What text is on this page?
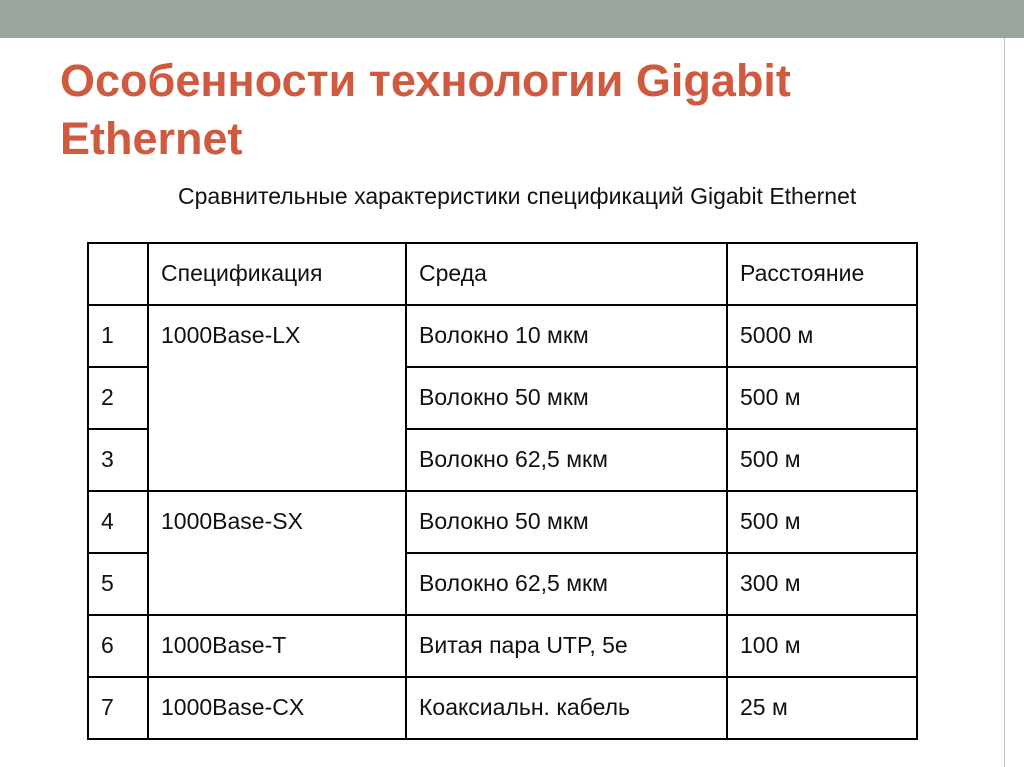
Особенности технологии Gigabit Ethernet
Сравнительные характеристики спецификаций Gigabit Ethernet
	Спецификация	Среда	Расстояние
1	1000Base-LX	Волокно 10 мкм	5000 м
2		Волокно 50 мкм	500 м
3		Волокно 62,5 мкм	500 м
4	1000Base-SX	Волокно 50 мкм	500 м
5		Волокно 62,5 мкм	300 м
6	1000Base-T	Витая пара UTP, 5е	100 м
7	1000Base-CX	Коаксиальн. кабель	25 м
